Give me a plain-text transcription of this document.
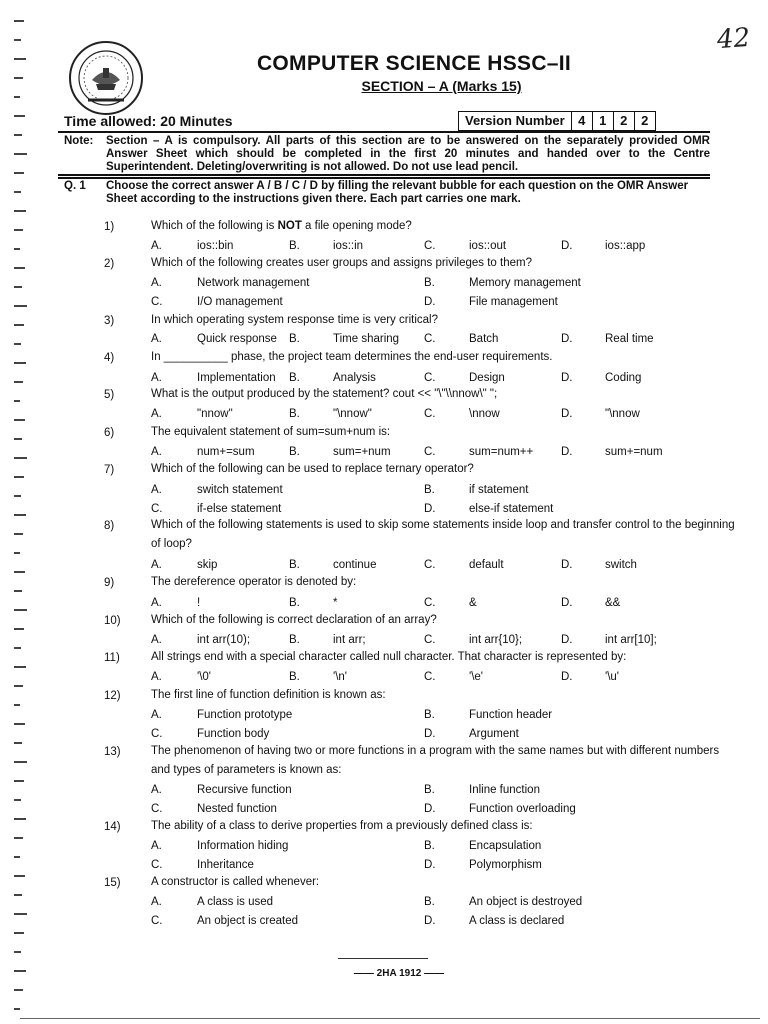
42
COMPUTER SCIENCE HSSC–II
SECTION – A (Marks 15)
Time allowed: 20 Minutes	Version Number	4	1	2	2
Note: Section – A is compulsory. All parts of this section are to be answered on the separately provided OMR Answer Sheet which should be completed in the first 20 minutes and handed over to the Centre Superintendent. Deleting/overwriting is not allowed. Do not use lead pencil.
Q. 1 Choose the correct answer A / B / C / D by filling the relevant bubble for each question on the OMR Answer Sheet according to the instructions given there. Each part carries one mark.
1)	Which of the following is NOT a file opening mode?
A.	ios::bin	B.	ios::in	C.	ios::out	D.	ios::app
2)	Which of the following creates user groups and assigns privileges to them?
A.	Network management	B.	Memory management
C.	I/O management	D.	File management
3)	In which operating system response time is very critical?
A.	Quick response B.	Time sharing C.	Batch	D.	Real time
4)	In __________ phase, the project team determines the end-user requirements.
A.	Implementation B.	Analysis	C.	Design	D.	Coding
5)	What is the output produced by the statement? cout << "\"\\nnow\" ";
A.	"nnow"	B.	"\nnow"	C.	\nnow	D.	"\nnow
6)	The equivalent statement of sum=sum+num is:
A.	num+=sum	B.	sum=+num	C.	sum=num++ D.	sum+=num
7)	Which of the following can be used to replace ternary operator?
A.	switch statement	B.	if statement
C.	if-else statement	D.	else-if statement
8)	Which of the following statements is used to skip some statements inside loop and transfer control to the beginning of loop?
A.	skip	B.	continue	C.	default	D.	switch
9)	The dereference operator is denoted by:
A.	!	B.	*	C.	&	D.	&&
10)	Which of the following is correct declaration of an array?
A.	int arr(10);	B.	int arr;	C.	int arr{10};	D.	int arr[10];
11)	All strings end with a special character called null character. That character is represented by:
A.	'\0'	B.	'\n'	C.	'\e'	D.	'\u'
12)	The first line of function definition is known as:
A.	Function prototype	B.	Function header
C.	Function body	D.	Argument
13)	The phenomenon of having two or more functions in a program with the same names but with different numbers and types of parameters is known as:
A.	Recursive function	B.	Inline function
C.	Nested function	D.	Function overloading
14)	The ability of a class to derive properties from a previously defined class is:
A.	Information hiding	B.	Encapsulation
C.	Inheritance	D.	Polymorphism
15)	A constructor is called whenever:
A.	A class is used	B.	An object is destroyed
C.	An object is created	D.	A class is declared
—— 2HA 1912 ——
